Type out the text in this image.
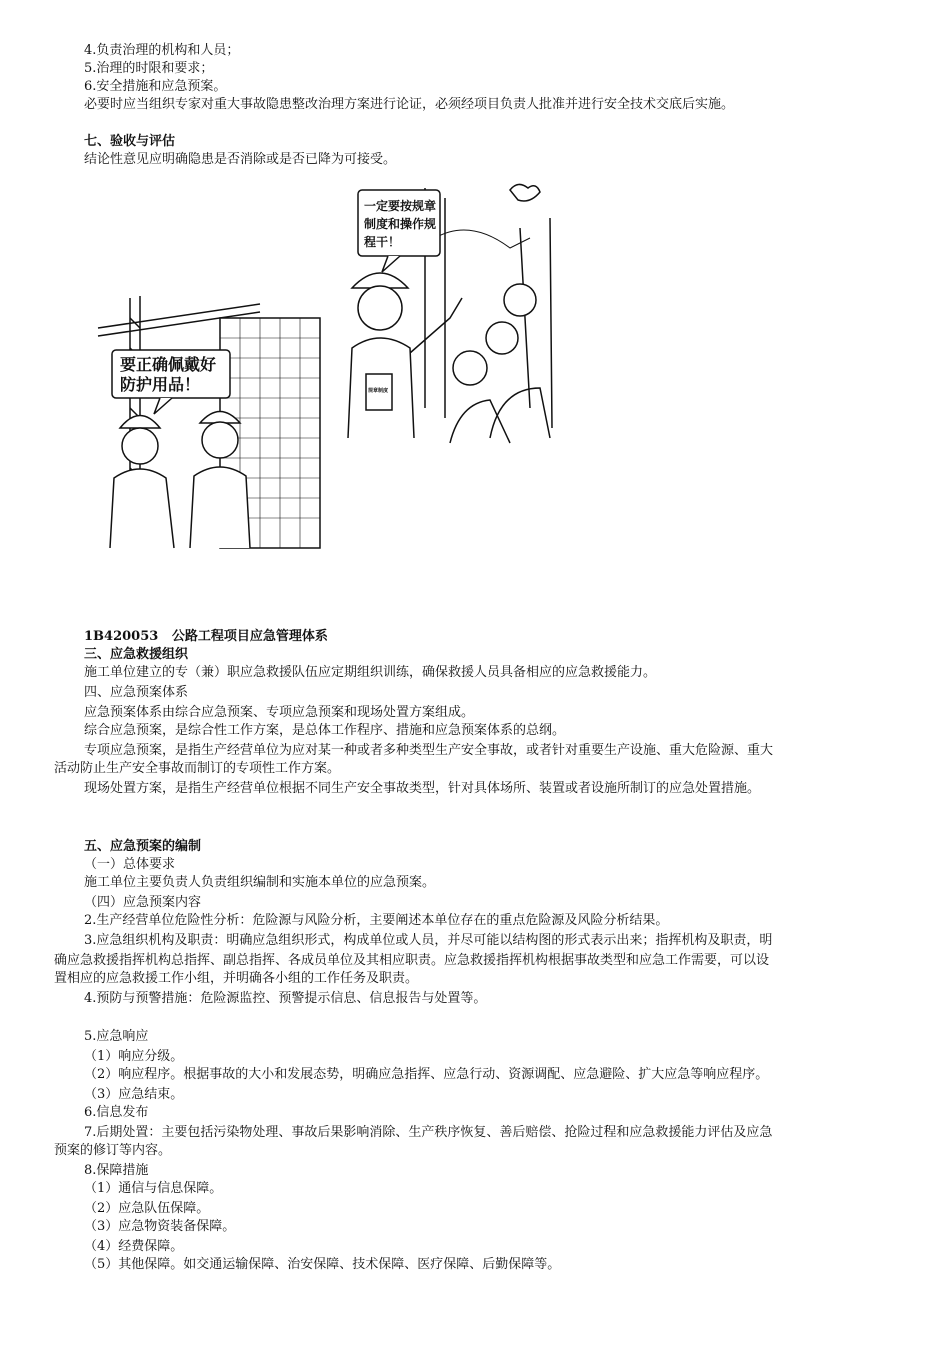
4.负责治理的机构和人员；
5.治理的时限和要求；
6.安全措施和应急预案。
必要时应当组织专家对重大事故隐患整改治理方案进行论证，必须经项目负责人批准并进行安全技术交底后实施。
七、验收与评估
结论性意见应明确隐患是否消除或是否已降为可接受。
要正确佩戴好
防护用品！
一定要按规章
制度和操作规
程干！
规章制度
1B420053 公路工程项目应急管理体系
三、应急救援组织
施工单位建立的专（兼）职应急救援队伍应定期组织训练，确保救援人员具备相应的应急救援能力。
四、应急预案体系
应急预案体系由综合应急预案、专项应急预案和现场处置方案组成。
综合应急预案，是综合性工作方案，是总体工作程序、措施和应急预案体系的总纲。
专项应急预案，是指生产经营单位为应对某一种或者多种类型生产安全事故，或者针对重要生产设施、重大危险源、重大
活动防止生产安全事故而制订的专项性工作方案。
现场处置方案，是指生产经营单位根据不同生产安全事故类型，针对具体场所、装置或者设施所制订的应急处置措施。
五、应急预案的编制
（一）总体要求
施工单位主要负责人负责组织编制和实施本单位的应急预案。
（四）应急预案内容
2.生产经营单位危险性分析：危险源与风险分析，主要阐述本单位存在的重点危险源及风险分析结果。
3.应急组织机构及职责：明确应急组织形式，构成单位或人员，并尽可能以结构图的形式表示出来；指挥机构及职责，明
确应急救援指挥机构总指挥、副总指挥、各成员单位及其相应职责。应急救援指挥机构根据事故类型和应急工作需要，可以设
置相应的应急救援工作小组，并明确各小组的工作任务及职责。
4.预防与预警措施：危险源监控、预警提示信息、信息报告与处置等。
5.应急响应
（1）响应分级。
（2）响应程序。根据事故的大小和发展态势，明确应急指挥、应急行动、资源调配、应急避险、扩大应急等响应程序。
（3）应急结束。
6.信息发布
7.后期处置：主要包括污染物处理、事故后果影响消除、生产秩序恢复、善后赔偿、抢险过程和应急救援能力评估及应急
预案的修订等内容。
8.保障措施
（1）通信与信息保障。
（2）应急队伍保障。
（3）应急物资装备保障。
（4）经费保障。
（5）其他保障。如交通运输保障、治安保障、技术保障、医疗保障、后勤保障等。
